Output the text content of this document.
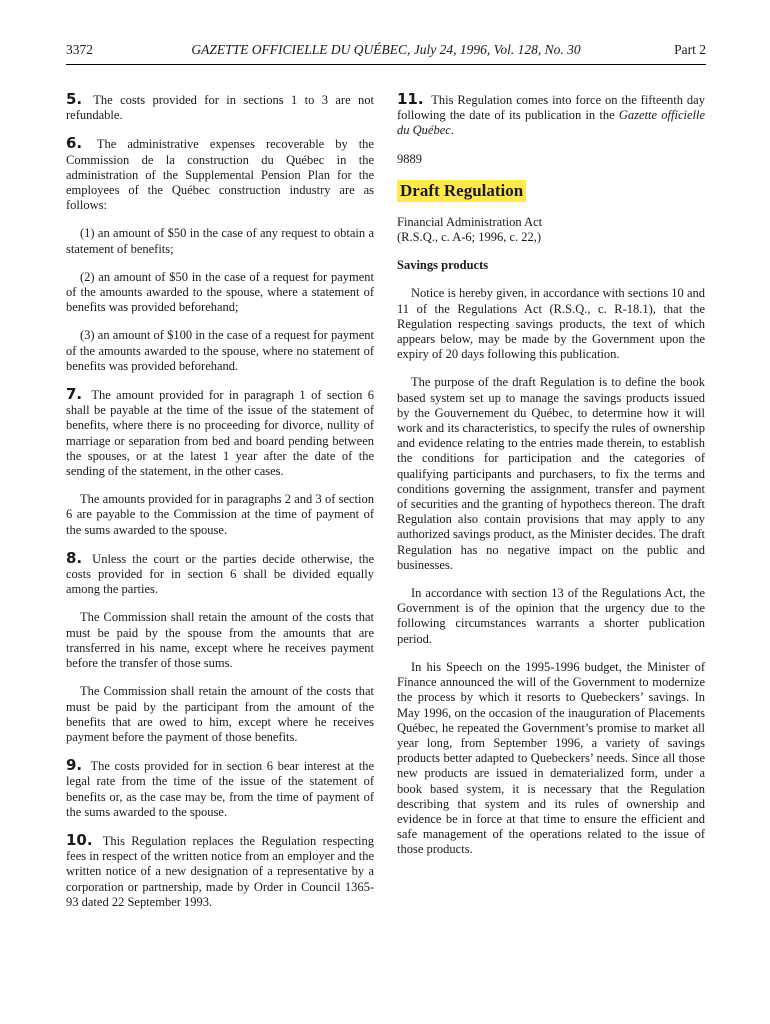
3372	GAZETTE OFFICIELLE DU QUÉBEC, July 24, 1996, Vol. 128, No. 30	Part 2

5. The costs provided for in sections 1 to 3 are not refundable.

6. The administrative expenses recoverable by the Commission de la construction du Québec in the administration of the Supplemental Pension Plan for the employees of the Québec construction industry are as follows:

(1) an amount of $50 in the case of any request to obtain a statement of benefits;

(2) an amount of $50 in the case of a request for payment of the amounts awarded to the spouse, where a statement of benefits was provided beforehand;

(3) an amount of $100 in the case of a request for payment of the amounts awarded to the spouse, where no statement of benefits was provided beforehand.

7. The amount provided for in paragraph 1 of section 6 shall be payable at the time of the issue of the statement of benefits, where there is no proceeding for divorce, nullity of marriage or separation from bed and board pending between the spouses, or at the latest 1 year after the date of the sending of the statement, in the other cases.

The amounts provided for in paragraphs 2 and 3 of section 6 are payable to the Commission at the time of payment of the sums awarded to the spouse.

8. Unless the court or the parties decide otherwise, the costs provided for in section 6 shall be divided equally among the parties.

The Commission shall retain the amount of the costs that must be paid by the spouse from the amounts that are transferred in his name, except where he receives payment before the transfer of those sums.

The Commission shall retain the amount of the costs that must be paid by the participant from the amount of the benefits that are owed to him, except where he receives payment before the payment of those benefits.

9. The costs provided for in section 6 bear interest at the legal rate from the time of the issue of the statement of benefits or, as the case may be, from the time of payment of the sums awarded to the spouse.

10. This Regulation replaces the Regulation respecting fees in respect of the written notice from an employer and the written notice of a new designation of a representative by a corporation or partnership, made by Order in Council 1365-93 dated 22 September 1993.

11. This Regulation comes into force on the fifteenth day following the date of its publication in the Gazette officielle du Québec.

9889

Draft Regulation

Financial Administration Act

(R.S.Q., c. A-6; 1996, c. 22,)

Savings products

Notice is hereby given, in accordance with sections 10 and 11 of the Regulations Act (R.S.Q., c. R-18.1), that the Regulation respecting savings products, the text of which appears below, may be made by the Government upon the expiry of 20 days following this publication.

The purpose of the draft Regulation is to define the book based system set up to manage the savings products issued by the Gouvernement du Québec, to determine how it will work and its characteristics, to specify the rules of ownership and evidence relating to the entries made therein, to establish the conditions for participation and the categories of qualifying participants and purchasers, to fix the terms and conditions governing the assignment, transfer and payment of securities and the granting of hypothecs thereon. The draft Regulation also contain provisions that may apply to any authorized savings product, as the Minister decides. The draft Regulation has no negative impact on the public and businesses.

In accordance with section 13 of the Regulations Act, the Government is of the opinion that the urgency due to the following circumstances warrants a shorter publication period.

In his Speech on the 1995-1996 budget, the Minister of Finance announced the will of the Government to modernize the process by which it resorts to Quebeckers’ savings. In May 1996, on the occasion of the inauguration of Placements Québec, he repeated the Government’s promise to market all year long, from September 1996, a variety of savings products better adapted to Quebeckers’ needs. Since all those new products are issued in dematerialized form, under a book based system, it is necessary that the Regulation describing that system and its rules of ownership and evidence be in force at that time to ensure the efficient and safe management of the operations related to the issue of those products.
